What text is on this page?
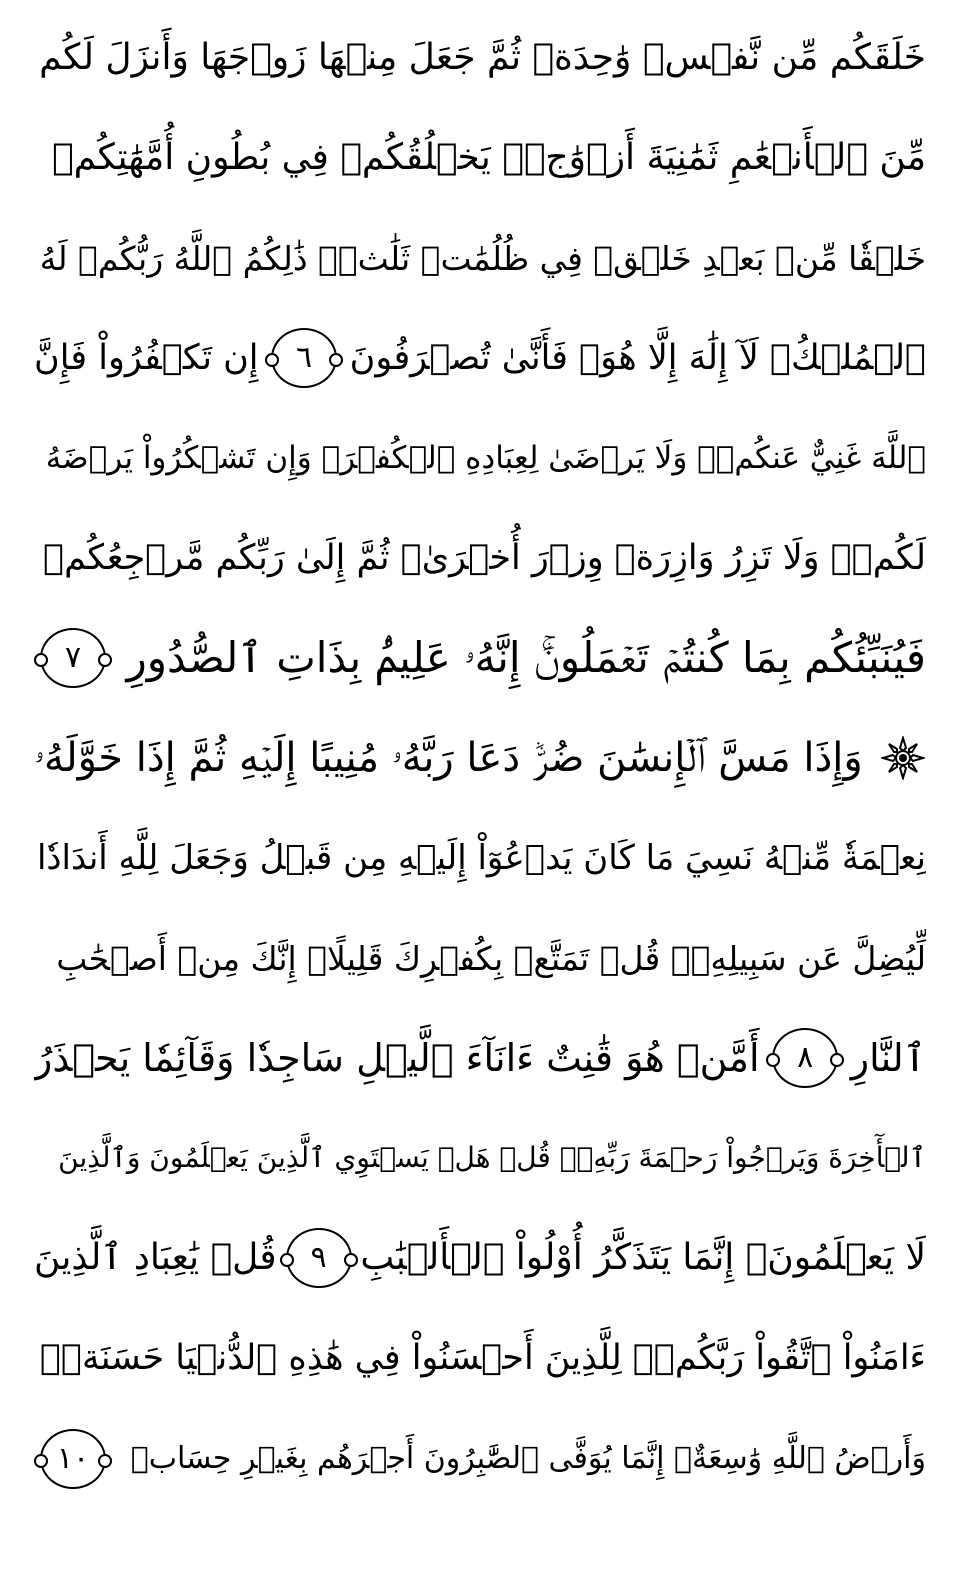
خَلَقَكُم مِّن نَّفۡسٖ وَٰحِدَةٖ ثُمَّ جَعَلَ مِنۡهَا زَوۡجَهَا وَأَنزَلَ لَكُم
مِّنَ ٱلۡأَنۡعَٰمِ ثَمَٰنِيَةَ أَزۡوَٰجٖۚ يَخۡلُقُكُمۡ فِي بُطُونِ أُمَّهَٰتِكُمۡ
خَلۡقٗا مِّنۢ بَعۡدِ خَلۡقٖ فِي ظُلُمَٰتٖ ثَلَٰثٖۚ ذَٰلِكُمُ ٱللَّهُ رَبُّكُمۡ لَهُ
ٱلۡمُلۡكُۖ لَآ إِلَٰهَ إِلَّا هُوَۖ فَأَنَّىٰ تُصۡرَفُونَ
٦
إِن تَكۡفُرُواْ فَإِنَّ
ٱللَّهَ غَنِيٌّ عَنكُمۡۖ وَلَا يَرۡضَىٰ لِعِبَادِهِ ٱلۡكُفۡرَۖ وَإِن تَشۡكُرُواْ يَرۡضَهُ
لَكُمۡۗ وَلَا تَزِرُ وَازِرَةٞ وِزۡرَ أُخۡرَىٰۗ ثُمَّ إِلَىٰ رَبِّكُم مَّرۡجِعُكُمۡ
فَيُنَبِّئُكُم بِمَا كُنتُمۡ تَعۡمَلُونَۚ إِنَّهُۥ عَلِيمُۢ بِذَاتِ ٱلصُّدُورِ
٧
وَإِذَا مَسَّ ٱلۡإِنسَٰنَ ضُرّٞ دَعَا رَبَّهُۥ مُنِيبًا إِلَيۡهِ ثُمَّ إِذَا خَوَّلَهُۥ
نِعۡمَةٗ مِّنۡهُ نَسِيَ مَا كَانَ يَدۡعُوٓاْ إِلَيۡهِ مِن قَبۡلُ وَجَعَلَ لِلَّهِ أَندَادٗا
لِّيُضِلَّ عَن سَبِيلِهِۦۚ قُلۡ تَمَتَّعۡ بِكُفۡرِكَ قَلِيلًاۖ إِنَّكَ مِنۡ أَصۡحَٰبِ
ٱلنَّارِ
٨
أَمَّنۡ هُوَ قَٰنِتٌ ءَانَآءَ ٱلَّيۡلِ سَاجِدٗا وَقَآئِمٗا يَحۡذَرُ
ٱلۡأٓخِرَةَ وَيَرۡجُواْ رَحۡمَةَ رَبِّهِۦۗ قُلۡ هَلۡ يَسۡتَوِي ٱلَّذِينَ يَعۡلَمُونَ وَٱلَّذِينَ
لَا يَعۡلَمُونَۗ إِنَّمَا يَتَذَكَّرُ أُوْلُواْ ٱلۡأَلۡبَٰبِ
٩
قُلۡ يَٰعِبَادِ ٱلَّذِينَ
ءَامَنُواْ ٱتَّقُواْ رَبَّكُمۡۚ لِلَّذِينَ أَحۡسَنُواْ فِي هَٰذِهِ ٱلدُّنۡيَا حَسَنَةٞۗ
وَأَرۡضُ ٱللَّهِ وَٰسِعَةٌۗ إِنَّمَا يُوَفَّى ٱلصَّٰبِرُونَ أَجۡرَهُم بِغَيۡرِ حِسَابٖ
١٠
